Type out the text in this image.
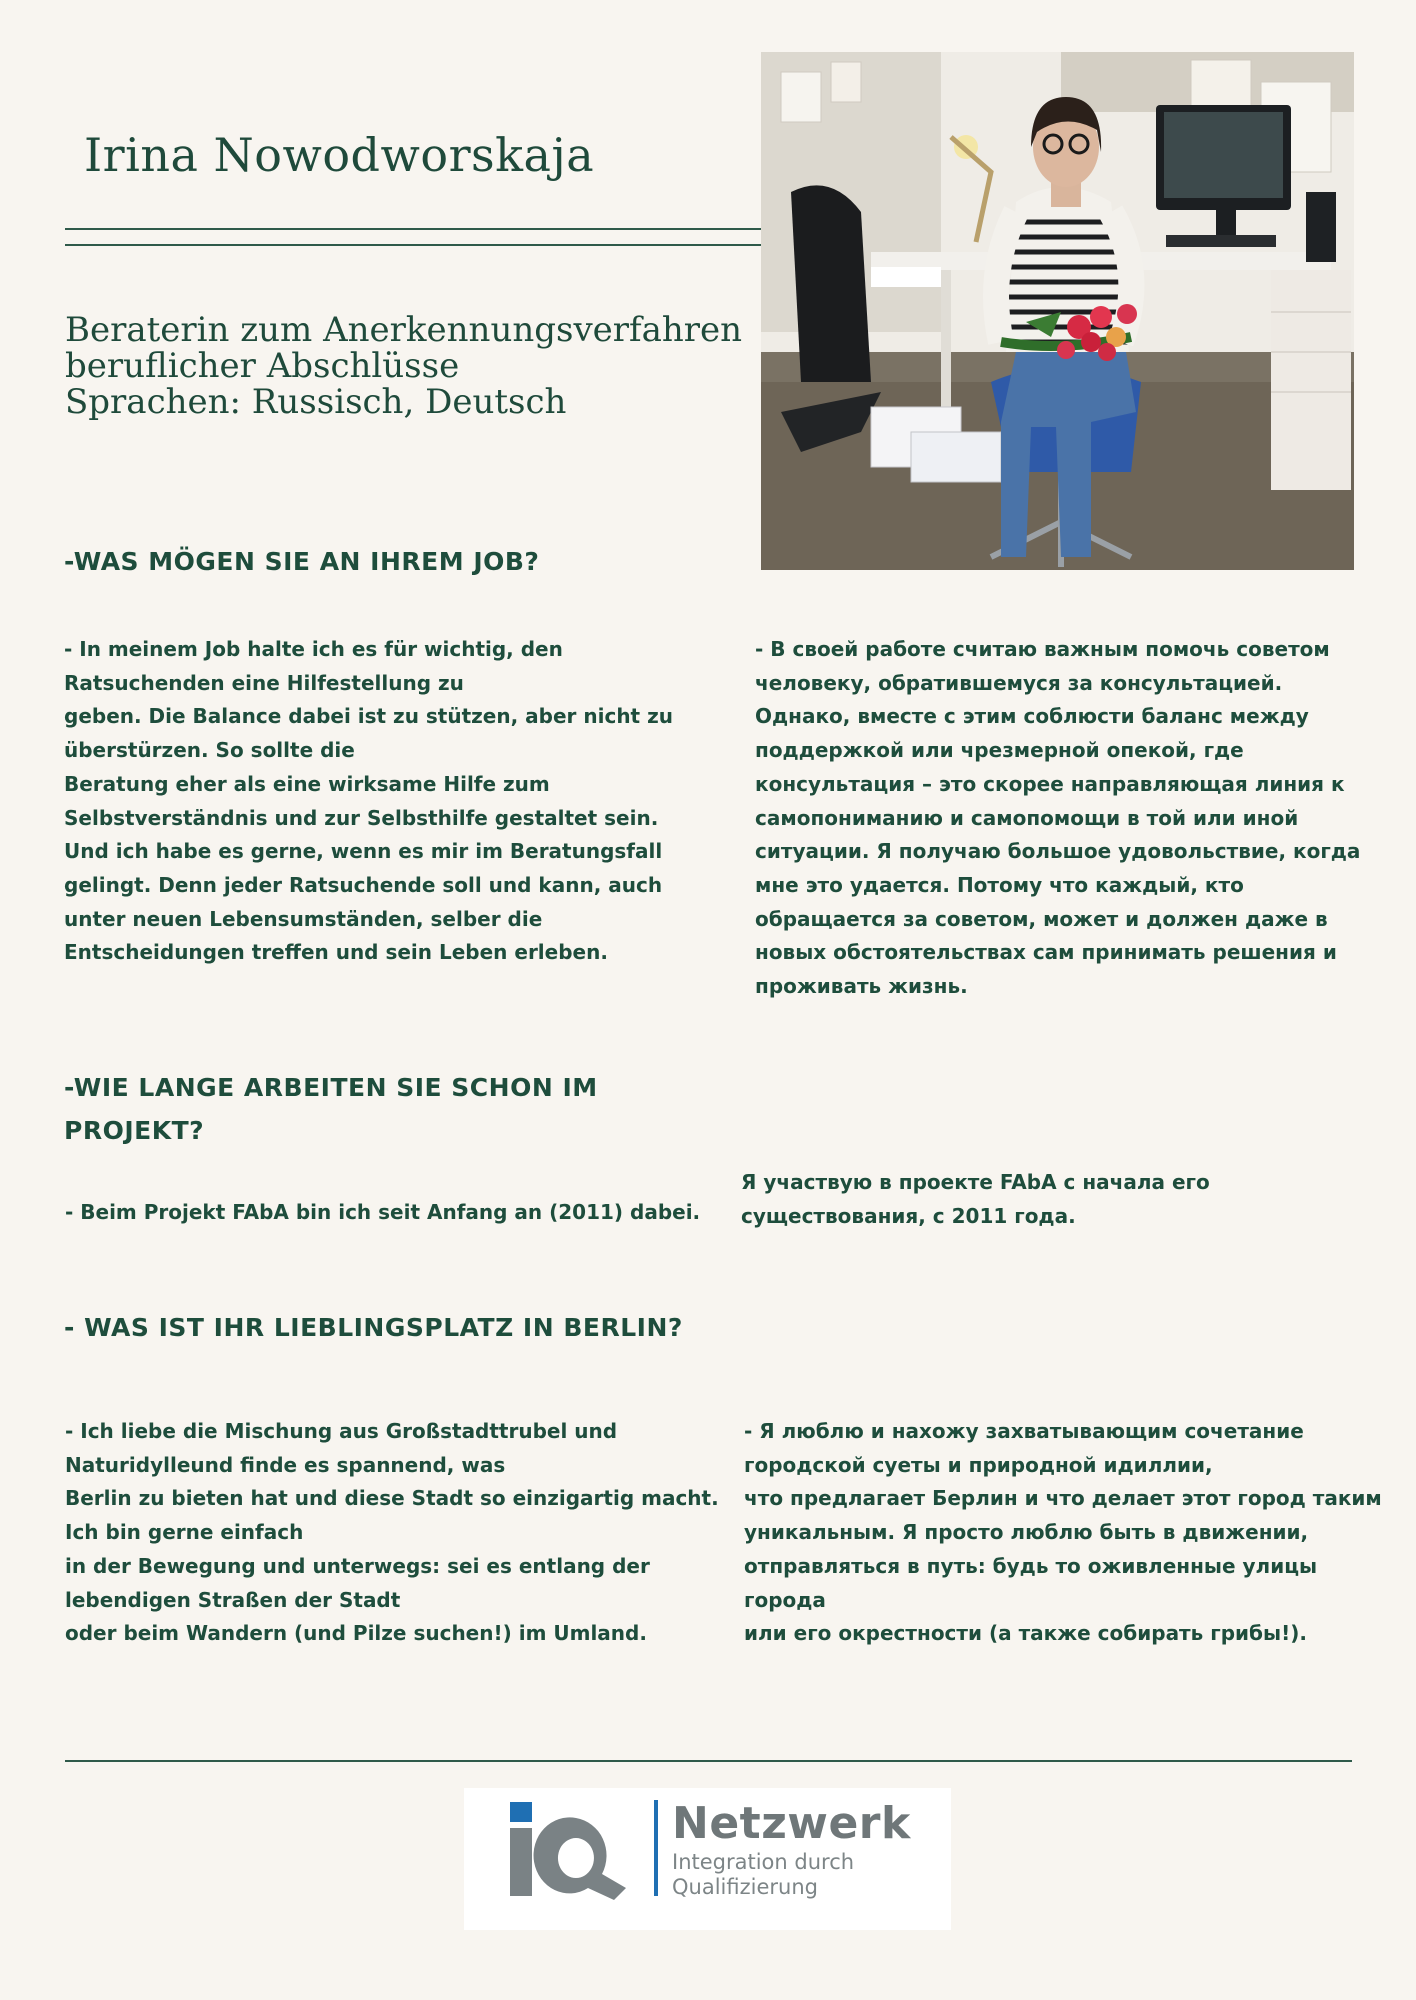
Irina Nowodworskaja
Beraterin zum Anerkennungsverfahren
beruflicher Abschlüsse
Sprachen: Russisch, Deutsch
-WAS MÖGEN SIE AN IHREM JOB?
- In meinem Job halte ich es für wichtig, den
Ratsuchenden eine Hilfestellung zu
geben. Die Balance dabei ist zu stützen, aber nicht zu
überstürzen. So sollte die
Beratung eher als eine wirksame Hilfe zum
Selbstverständnis und zur Selbsthilfe gestaltet sein.
Und ich habe es gerne, wenn es mir im Beratungsfall
gelingt. Denn jeder Ratsuchende soll und kann, auch
unter neuen Lebensumständen, selber die
Entscheidungen treffen und sein Leben erleben.
- В своей работе считаю важным помочь советом
человеку, обратившемуся за консультацией.
Однако, вместе с этим соблюсти баланс между
поддержкой или чрезмерной опекой, где
консультация – это скорее направляющая линия к
самопониманию и самопомощи в той или иной
ситуации. Я получаю большое удовольствие, когда
мне это удается. Потому что каждый, кто
обращается за советом, может и должен даже в
новых обстоятельствах сам принимать решения и
проживать жизнь.
-WIE LANGE ARBEITEN SIE SCHON IM
PROJEKT?
- Beim Projekt FAbA bin ich seit Anfang an (2011) dabei.
Я участвую в проекте FAbA с начала его
существования, с 2011 года.
- WAS IST IHR LIEBLINGSPLATZ IN BERLIN?
- Ich liebe die Mischung aus Großstadttrubel und
Naturidylleund finde es spannend, was
Berlin zu bieten hat und diese Stadt so einzigartig macht.
Ich bin gerne einfach
in der Bewegung und unterwegs: sei es entlang der
lebendigen Straßen der Stadt
oder beim Wandern (und Pilze suchen!) im Umland.
- Я люблю и нахожу захватывающим сочетание
городской суеты и природной идиллии,
что предлагает Берлин и что делает этот город таким
уникальным. Я просто люблю быть в движении,
отправляться в путь: будь то оживленные улицы
города
или его окрестности (а также собирать грибы!).
Netzwerk
Integration durch
Qualifizierung
